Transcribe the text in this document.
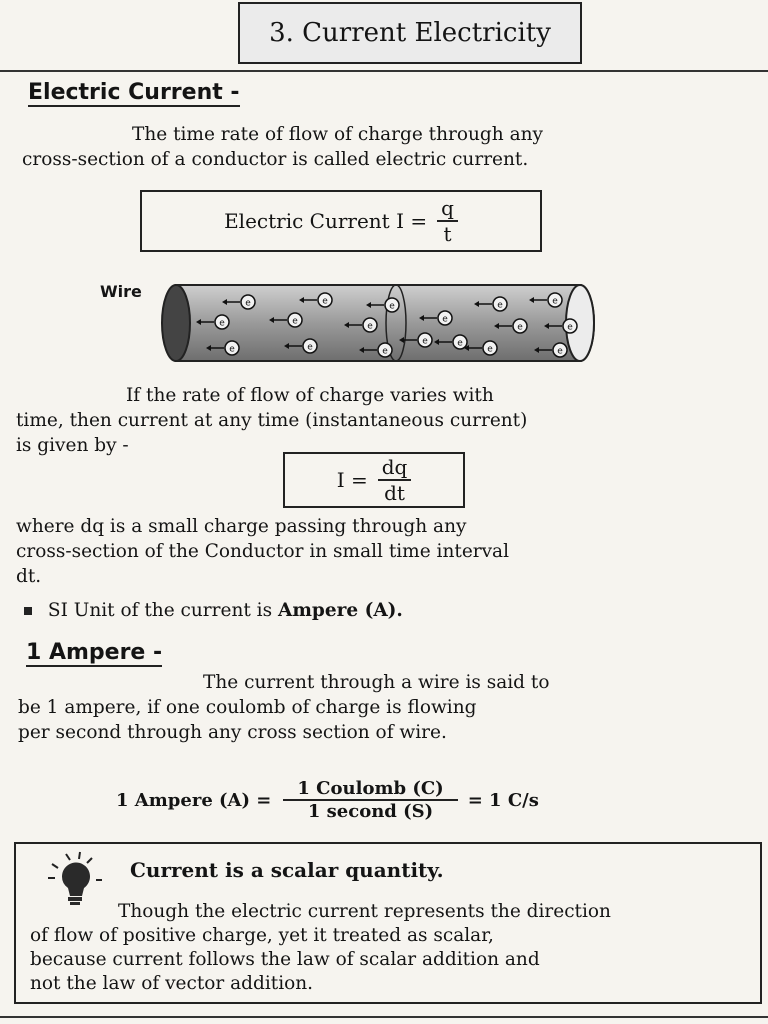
3. Current Electricity
Electric Current -
The time rate of flow of charge through any
cross-section of a conductor is called electric current.
Electric Current $I = \frac{q}{t}$
Wire
e	e	e
e	e	e
e
e	e	e
e
e	e
e
e	e
e	e
If the rate of flow of charge varies with
time, then current at any time (instantaneous current)
is given by -
$I = \frac{dq}{dt}$
where dq is a small charge passing through any
cross-section of the Conductor in small time interval
dt.
SI Unit of the current is Ampere (A).
1 Ampere -
The current through a wire is said to
be 1 ampere, if one coulomb of charge is flowing
per second through any cross section of wire.
1 Ampere $(A) = \frac{\text{1 Coulomb (C)}}{\text{1 second (S)}} = 1$ C/s
Current is a scalar quantity.
Though the electric current represents the direction
of flow of positive charge, yet it treated as scalar,
because current follows the law of scalar addition and
not the law of vector addition.
